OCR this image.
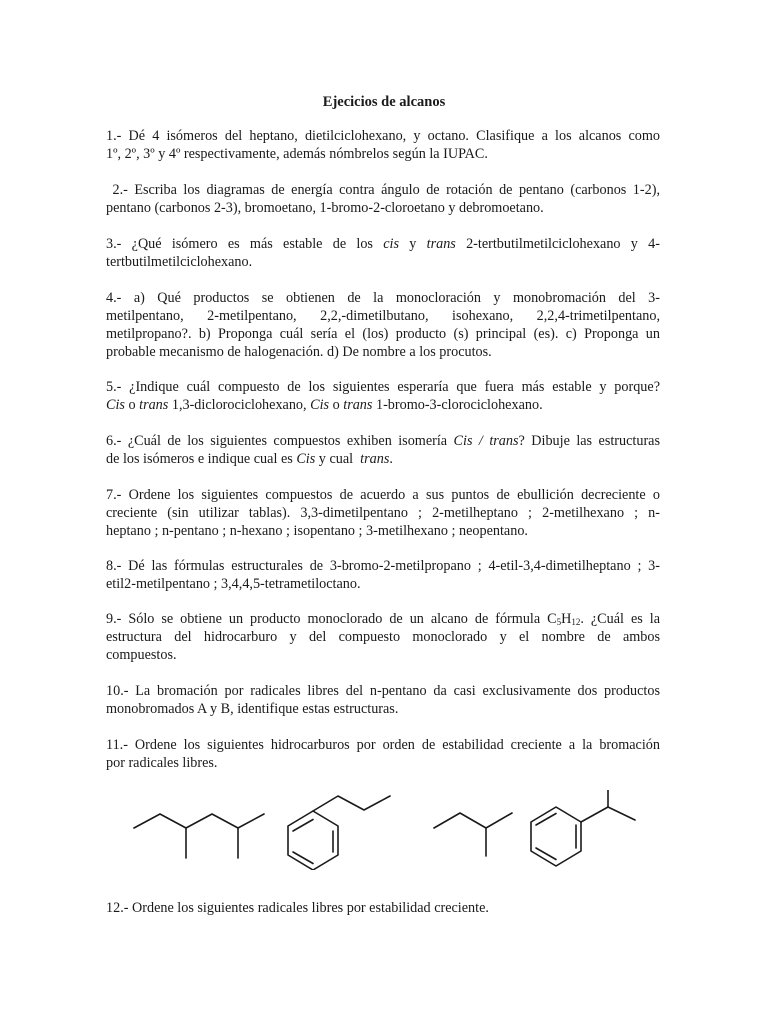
Ejecicios de alcanos
1.- Dé 4 isómeros del heptano, dietilciclohexano, y octano. Clasifique a los alcanos como
1º, 2º, 3º y 4º respectivamente, además nómbrelos según la IUPAC.
2.- Escriba los diagramas de energía contra ángulo de rotación de pentano (carbonos 1-2),
pentano (carbonos 2-3), bromoetano, 1-bromo-2-cloroetano y debromoetano.
3.- ¿Qué isómero es más estable de los cis y trans 2-tertbutilmetilciclohexano y 4-
tertbutilmetilciclohexano.
4.- a) Qué productos se obtienen de la monocloración y monobromación del 3-
metilpentano, 2-metilpentano, 2,2,-dimetilbutano, isohexano, 2,2,4-trimetilpentano,
metilpropano?. b) Proponga cuál sería el (los) producto (s) principal (es). c) Proponga un
probable mecanismo de halogenación. d) De nombre a los procutos.
5.- ¿Indique cuál compuesto de los siguientes esperaría que fuera más estable y porque?
Cis o trans 1,3-diclorociclohexano, Cis o trans 1-bromo-3-clorociclohexano.
6.- ¿Cuál de los siguientes compuestos exhiben isomería Cis / trans? Dibuje las estructuras
de los isómeros e indique cual es Cis y cual  trans.
7.- Ordene los siguientes compuestos de acuerdo a sus puntos de ebullición decreciente o
creciente (sin utilizar tablas). 3,3-dimetilpentano ; 2-metilheptano ; 2-metilhexano ; n-
heptano ; n-pentano ; n-hexano ; isopentano ; 3-metilhexano ; neopentano.
8.- Dé las fórmulas estructurales de 3-bromo-2-metilpropano ; 4-etil-3,4-dimetilheptano ; 3-
etil2-metilpentano ; 3,4,4,5-tetrametiloctano.
9.- Sólo se obtiene un producto monoclorado de un alcano de fórmula $C_5H_{12}$. ¿Cuál es la
estructura del hidrocarburo y del compuesto monoclorado y el nombre de ambos
compuestos.
10.- La bromación por radicales libres del n-pentano da casi exclusivamente dos productos
monobromados A y B, identifique estas estructuras.
11.- Ordene los siguientes hidrocarburos por orden de estabilidad creciente a la bromación
por radicales libres.
12.- Ordene los siguientes radicales libres por estabilidad creciente.
